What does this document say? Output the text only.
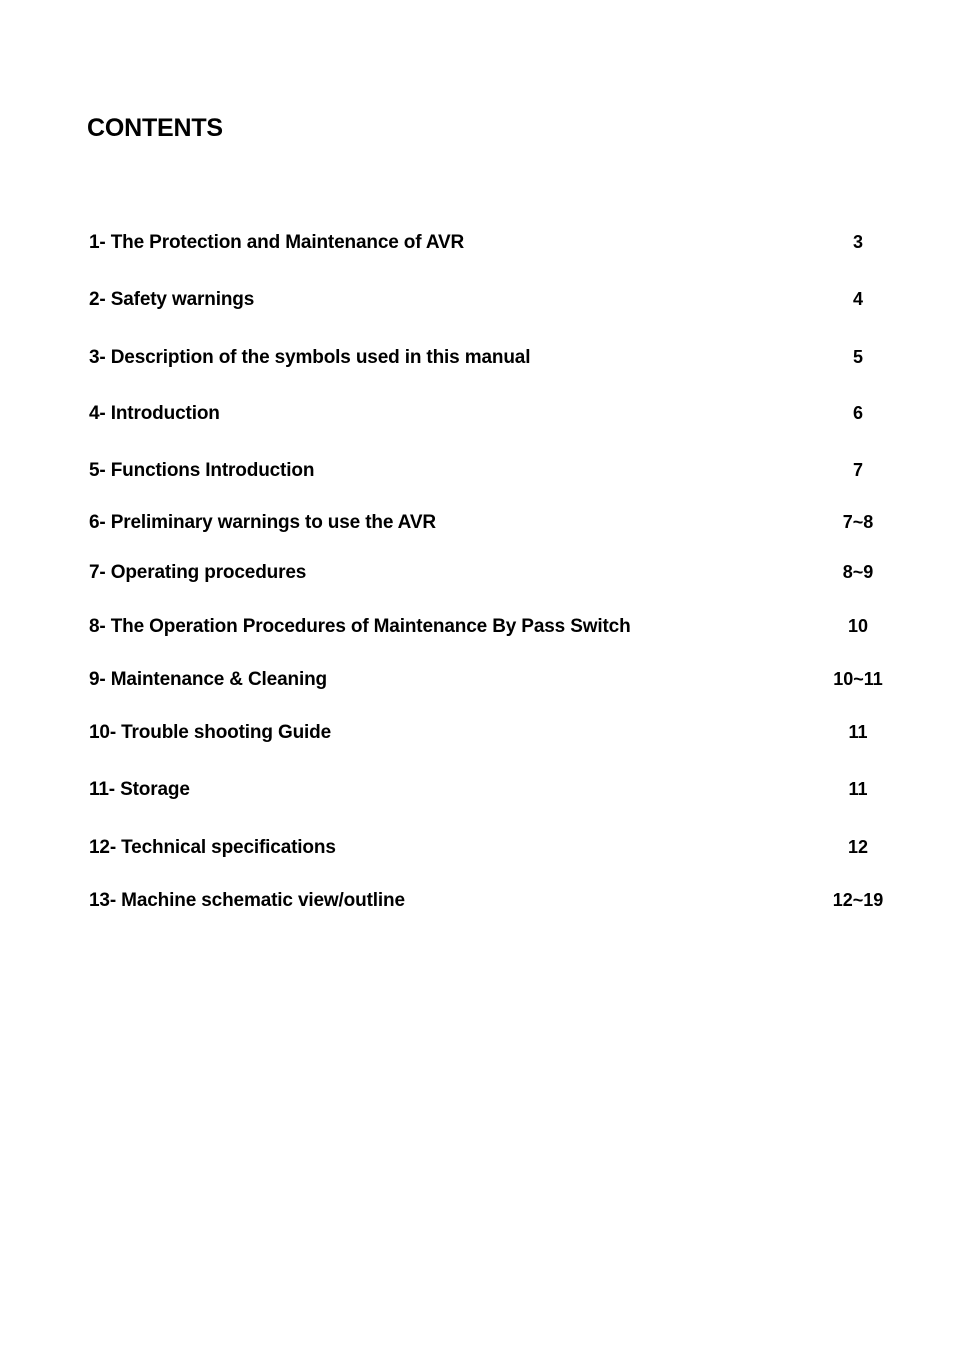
CONTENTS
1- The Protection and Maintenance of AVR	3
2- Safety warnings	4
3- Description of the symbols used in this manual	5
4- Introduction	6
5- Functions Introduction	7
6- Preliminary warnings to use the AVR	7~8
7- Operating procedures	8~9
8- The Operation Procedures of Maintenance By Pass Switch	10
9- Maintenance & Cleaning	10~11
10- Trouble shooting Guide	11
11- Storage	11
12- Technical specifications	12
13- Machine schematic view/outline	12~19
